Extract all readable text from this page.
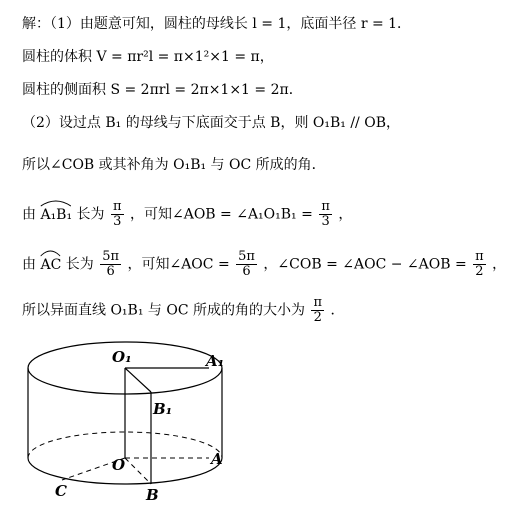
解：（1）由题意可知，圆柱的母线长 l = 1，底面半径 r = 1．
圆柱的体积 V = πr²l = π×1²×1 = π，
圆柱的侧面积 S = 2πrl = 2π×1×1 = 2π．
（2）设过点 B₁ 的母线与下底面交于点 B，则 O₁B₁ // OB，
所以∠COB 或其补角为 O₁B₁ 与 OC 所成的角．
由 A₁B₁ 长为 $\frac{\pi}{3}$ ，可知∠AOB = ∠A₁O₁B₁ = $\frac{\pi}{3}$ ，
由 AC 长为 $\frac{5\pi}{6}$ ，可知∠AOC = $\frac{5\pi}{6}$ ，∠COB = ∠AOC − ∠AOB = $\frac{\pi}{2}$ ，
所以异面直线 O₁B₁ 与 OC 所成的角的大小为 $\frac{\pi}{2}$ ．
O₁	A₁
B₁
O	A
C	B
